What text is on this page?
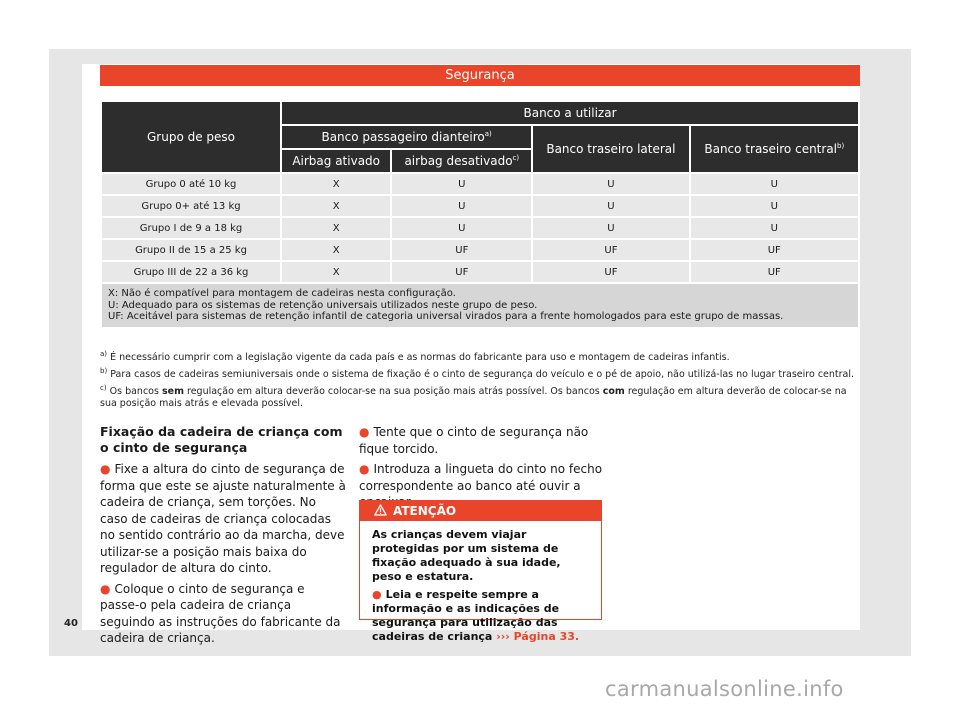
Segurança
Grupo de peso	Banco a utilizar			
	Banco passageiro dianteiro$^{a)}$		Banco traseiro lateral	Banco traseiro central$^{b)}$
	Airbag ativado	airbag desativado$^{c)}$
Grupo 0 até 10 kg	X	U	U	U
Grupo 0+ até 13 kg	X	U	U	U
Grupo I de 9 a 18 kg	X	U	U	U
Grupo II de 15 a 25 kg	X	UF	UF	UF
Grupo III de 22 a 36 kg	X	UF	UF	UF

X: Não é compatível para montagem de cadeiras nesta configuração.
U: Adequado para os sistemas de retenção universais utilizados neste grupo de peso.
UF: Aceitável para sistemas de retenção infantil de categoria universal virados para a frente homologados para este grupo de massas.				
$^{a)}$ É necessário cumprir com a legislação vigente da cada país e as normas do fabricante para uso e montagem de cadeiras infantis.
$^{b)}$ Para casos de cadeiras semiuniversais onde o sistema de fixação é o cinto de segurança do veículo e o pé de apoio, não utilizá-las no lugar traseiro central.
$^{c)}$ Os bancos sem regulação em altura deverão colocar-se na sua posição mais atrás possível. Os bancos com regulação em altura deverão de colocar-se na sua posição mais atrás e elevada possível.
Fixação da cadeira de criança com o cinto de segurança

● Fixe a altura do cinto de segurança de forma que este se ajuste naturalmente à cadeira de criança, sem torções. No caso de cadeiras de criança colocadas no sentido contrário ao da marcha, deve utilizar-se a posição mais baixa do regulador de altura do cinto.

● Coloque o cinto de segurança e passe-o pela cadeira de criança seguindo as instruções do fabricante da cadeira de criança.

● Tente que o cinto de segurança não fique torcido.

● Introduza a lingueta do cinto no fecho correspondente ao banco até ouvir a

ATENÇÃO

As crianças devem viajar protegidas por um sistema de fixação adequado à sua idade, peso e estatura.

● Leia e respeite sempre a informação e as indicações de segurança para utilização das cadeiras de criança ››› Página 33.

40
carmanualsonline.info
